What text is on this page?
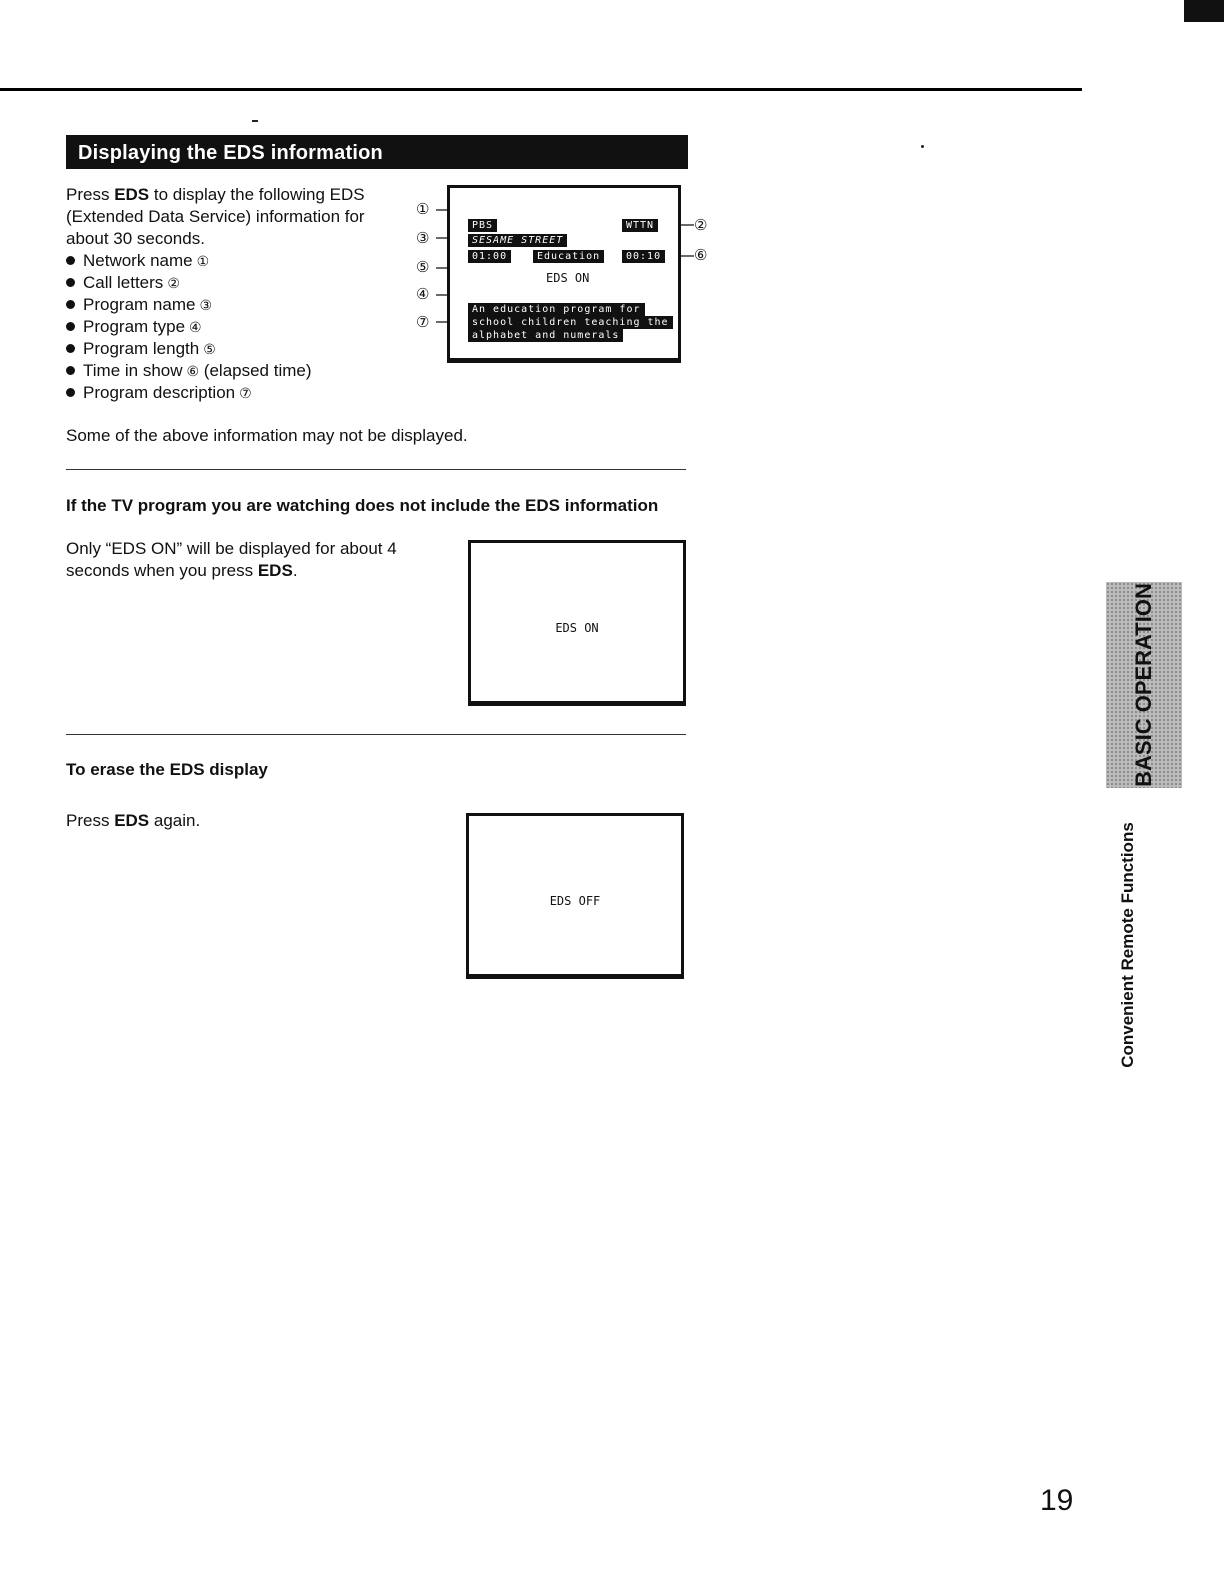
Displaying the EDS information
Press EDS to display the following EDS (Extended Data Service) information for about 30 seconds.
Network name ①
Call letters ②
Program name ③
Program type ④
Program length ⑤
Time in show ⑥ (elapsed time)
Program description ⑦
Some of the above information may not be displayed.
①
③
⑤
④
⑦
②
⑥
PBS	WTTN
SESAME STREET
01:00	Education	00:10
EDS ON
An education program for
school children teaching the
alphabet and numerals
If the TV program you are watching does not include the EDS information
Only “EDS ON” will be displayed for about 4 seconds when you press EDS.
EDS ON
To erase the EDS display
Press EDS again.
EDS OFF
BASIC OPERATION
Convenient Remote Functions
19
